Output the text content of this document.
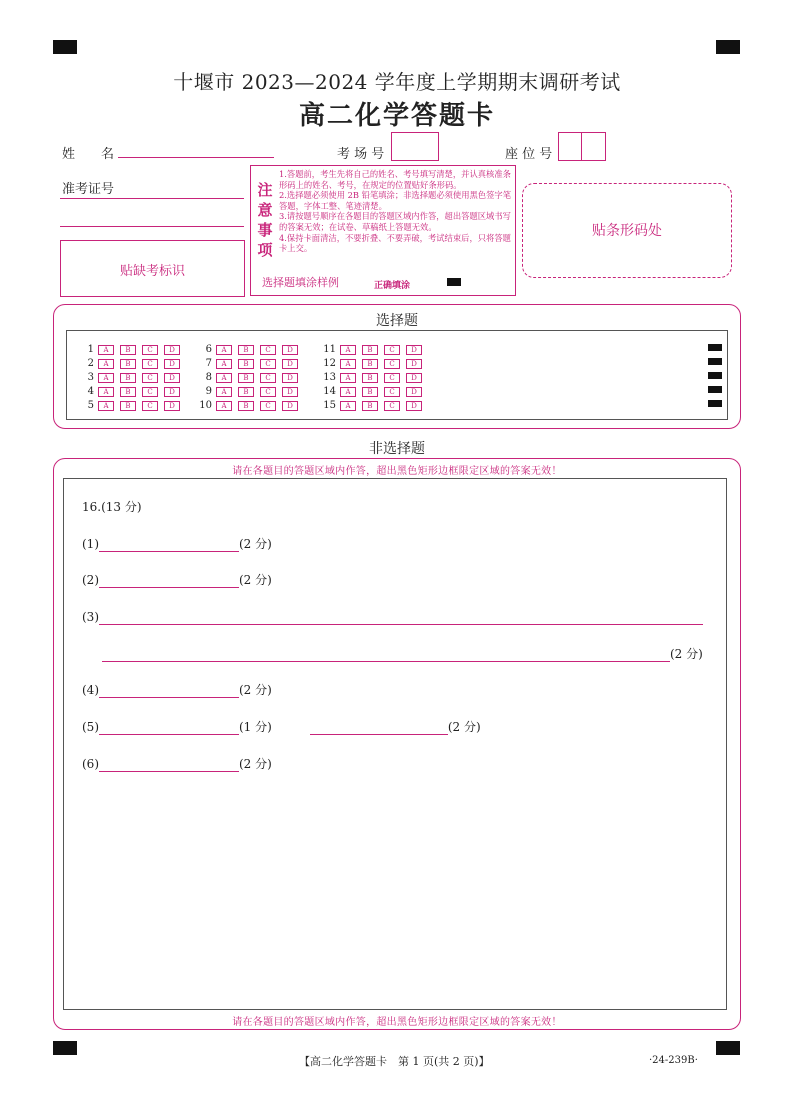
十堰市 2023—2024 学年度上学期期末调研考试
高二化学答题卡
姓　　名	考 场 号	座 位 号
准考证号
贴缺考标识
注
意
事
项
1.答题前，考生先将自己的姓名、考号填写清楚，并认真核准条形码上的姓名、考号，在规定的位置贴好条形码。
2.选择题必须使用 2B 铅笔填涂；非选择题必须使用黑色签字笔答题，字体工整、笔迹清楚。
3.请按题号顺序在各题目的答题区域内作答，超出答题区域书写的答案无效；在试卷、草稿纸上答题无效。
4.保持卡面清洁，不要折叠、不要弄破，考试结束后，只将答题卡上交。
选择题填涂样例	正确填涂
贴条形码处
选择题
1 A B C D
2 A B C D
3 A B C D
4 A B C D
5 A B C D
6 A B C D
7 A B C D
8 A B C D
9 A B C D
10 A B C D
11 A B C D
12 A B C D
13 A B C D
14 A B C D
15 A B C D
非选择题
请在各题目的答题区域内作答，超出黑色矩形边框限定区域的答案无效！
请在各题目的答题区域内作答，超出黑色矩形边框限定区域的答案无效！
16.(13 分)
(1)	(2 分)
(2)	(2 分)
(3)
(2 分)
(4)	(2 分)
(5)	(1 分)	(2 分)
(6)	(2 分)
【高二化学答题卡　第 1 页(共 2 页)】	·24-239B·
